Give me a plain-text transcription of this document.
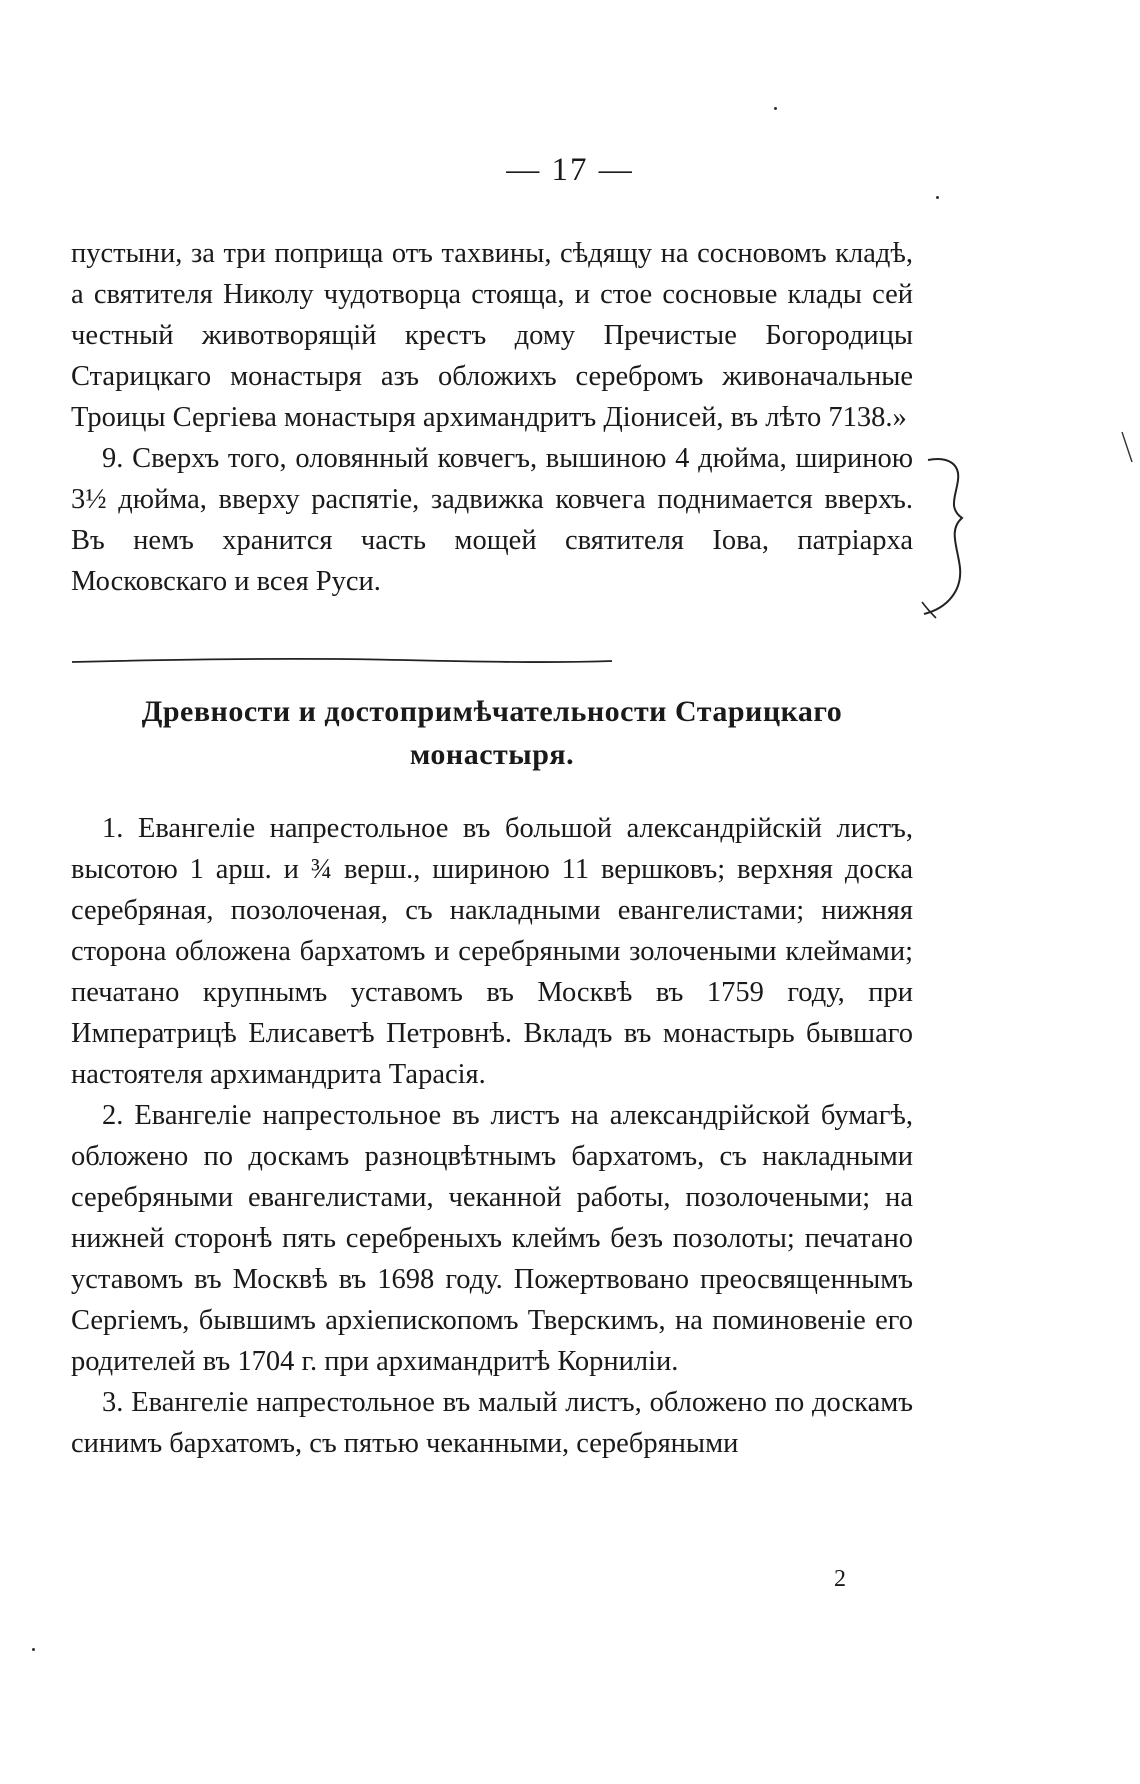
— 17 —

пустыни, за три поприща отъ тахвины, сѣдящу на сосновомъ кладѣ, а святителя Николу чудотворца стояща, и стое сосновые клады сей честный животворящій крестъ дому Пречистые Богородицы Старицкаго монастыря азъ обложихъ серебромъ живоначальные Троицы Сергіева монастыря архимандритъ Діонисей, въ лѣто 7138.»

9. Сверхъ того, оловянный ковчегъ, вышиною 4 дюйма, шириною 3½ дюйма, вверху распятіе, задвижка ковчега поднимается вверхъ. Въ немъ хранится часть мощей святителя Іова, патріарха Московскаго и всея Руси.

Древности и достопримѣчательности Старицкаго монастыря.

1. Евангеліе напрестольное въ большой александрійскій листъ, высотою 1 арш. и ¾ верш., шириною 11 вершковъ; верхняя доска серебряная, позолоченая, съ накладными евангелистами; нижняя сторона обложена бархатомъ и серебряными золочеными клеймами; печатано крупнымъ уставомъ въ Москвѣ въ 1759 году, при Императрицѣ Елисаветѣ Петровнѣ. Вкладъ въ монастырь бывшаго настоятеля архимандрита Тарасія.

2. Евангеліе напрестольное въ листъ на александрійской бумагѣ, обложено по доскамъ разноцвѣтнымъ бархатомъ, съ накладными серебряными евангелистами, чеканной работы, позолочеными; на нижней сторонѣ пять серебреныхъ клеймъ безъ позолоты; печатано уставомъ въ Москвѣ въ 1698 году. Пожертвовано преосвященнымъ Сергіемъ, бывшимъ архіепископомъ Тверскимъ, на поминовеніе его родителей въ 1704 г. при архимандритѣ Корниліи.

3. Евангеліе напрестольное въ малый листъ, обложено по доскамъ синимъ бархатомъ, съ пятью чеканными, серебряными

2
